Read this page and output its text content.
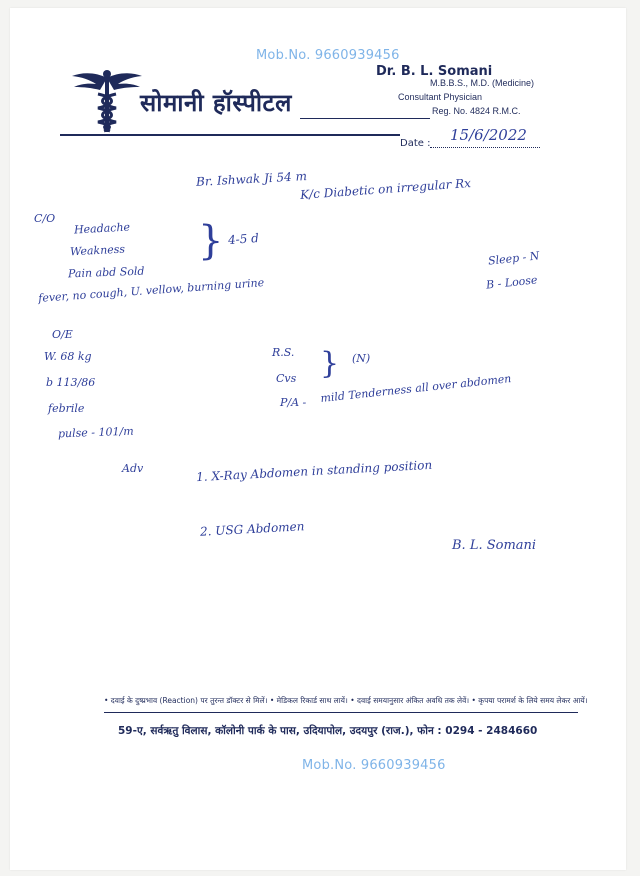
Mob.No. 9660939456
सोमानी हॉस्पीटल
Dr. B. L. Somani
M.B.B.S., M.D. (Medicine)
Consultant Physician
Reg. No. 4824 R.M.C.
Date : 15/6/2022
Br. Ishwak Ji 54 m
K/c Diabetic on irregular Rx
C/O
Headache
Weakness
Pain abd Sold
} 4-5 d
fever, no cough, U. vellow, burning urine
Sleep - N
B - Loose
O/E
W. 68 kg
b 113/86
febrile
pulse - 101/m
R.S.
Cvs } (N)
P/A - mild Tenderness all over abdomen
Adv	1. X-Ray Abdomen in standing position
2. USG Abdomen
B. L. Somani
• दवाई के दुष्प्रभाव (Reaction) पर तुरन्त डॉक्टर से मिलें। • मेडिकल रिकार्ड साथ लायें। • दवाई समयानुसार अंकित अवधि तक लेवें। • कृपया परामर्श के लिये समय लेकर आयें।
59-ए, सर्वऋतु विलास, कॉलोनी पार्क के पास, उदियापोल, उदयपुर (राज.), फोन : 0294 - 2484660
Mob.No. 9660939456
